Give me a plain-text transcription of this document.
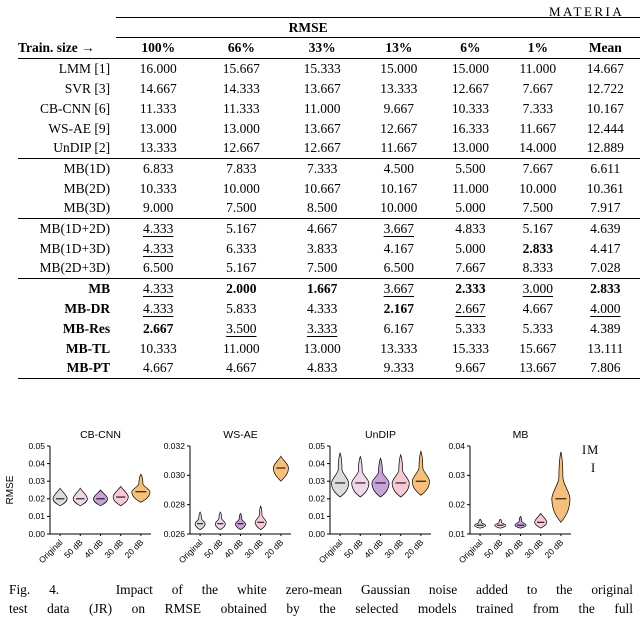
MATERIA
	RMSE						
Train. size →	100%	66%	33%	13%	6%	1%	Mean
LMM [1]	16.000	15.667	15.333	15.000	15.000	11.000	14.667
SVR [3]	14.667	14.333	13.667	13.333	12.667	7.667	12.722
CB-CNN [6]	11.333	11.333	11.000	9.667	10.333	7.333	10.167
WS-AE [9]	13.000	13.000	13.667	12.667	16.333	11.667	12.444
UnDIP [2]	13.333	12.667	12.667	11.667	13.000	14.000	12.889
MB(1D)	6.833	7.833	7.333	4.500	5.500	7.667	6.611
MB(2D)	10.333	10.000	10.667	10.167	11.000	10.000	10.361
MB(3D)	9.000	7.500	8.500	10.000	5.000	7.500	7.917
MB(1D+2D)	4.333	5.167	4.667	3.667	4.833	5.167	4.639
MB(1D+3D)	4.333	6.333	3.833	4.167	5.000	2.833	4.417
MB(2D+3D)	6.500	5.167	7.500	6.500	7.667	8.333	7.028
MB	4.333	2.000	1.667	3.667	2.333	3.000	2.833
MB-DR	4.333	5.833	4.333	2.167	2.667	4.667	4.000
MB-Res	2.667	3.500	3.333	6.167	5.333	5.333	4.389
MB-TL	10.333	11.000	13.000	13.333	15.333	15.667	13.111
MB-PT	4.667	4.667	4.833	9.333	9.667	13.667	7.806
CB-CNN
RMSE
0.00
0.01
0.02
0.03
0.04
0.05
Original
50 dB
40 dB
30 dB
20 dB
WS-AE
0.026
0.028
0.030
0.032
Original
50 dB
40 dB
30 dB
20 dB
UnDIP
0.00
0.01
0.02
0.03
0.04
0.05
Original
50 dB
40 dB
30 dB
20 dB
MB
0.01
0.02
0.03
0.04
Original
50 dB
40 dB
30 dB
20 dB
IM
I
Fig. 4.   Impact of the white zero-mean Gaussian noise added to the original
test data (JR) on RMSE obtained by the selected models trained from the full
